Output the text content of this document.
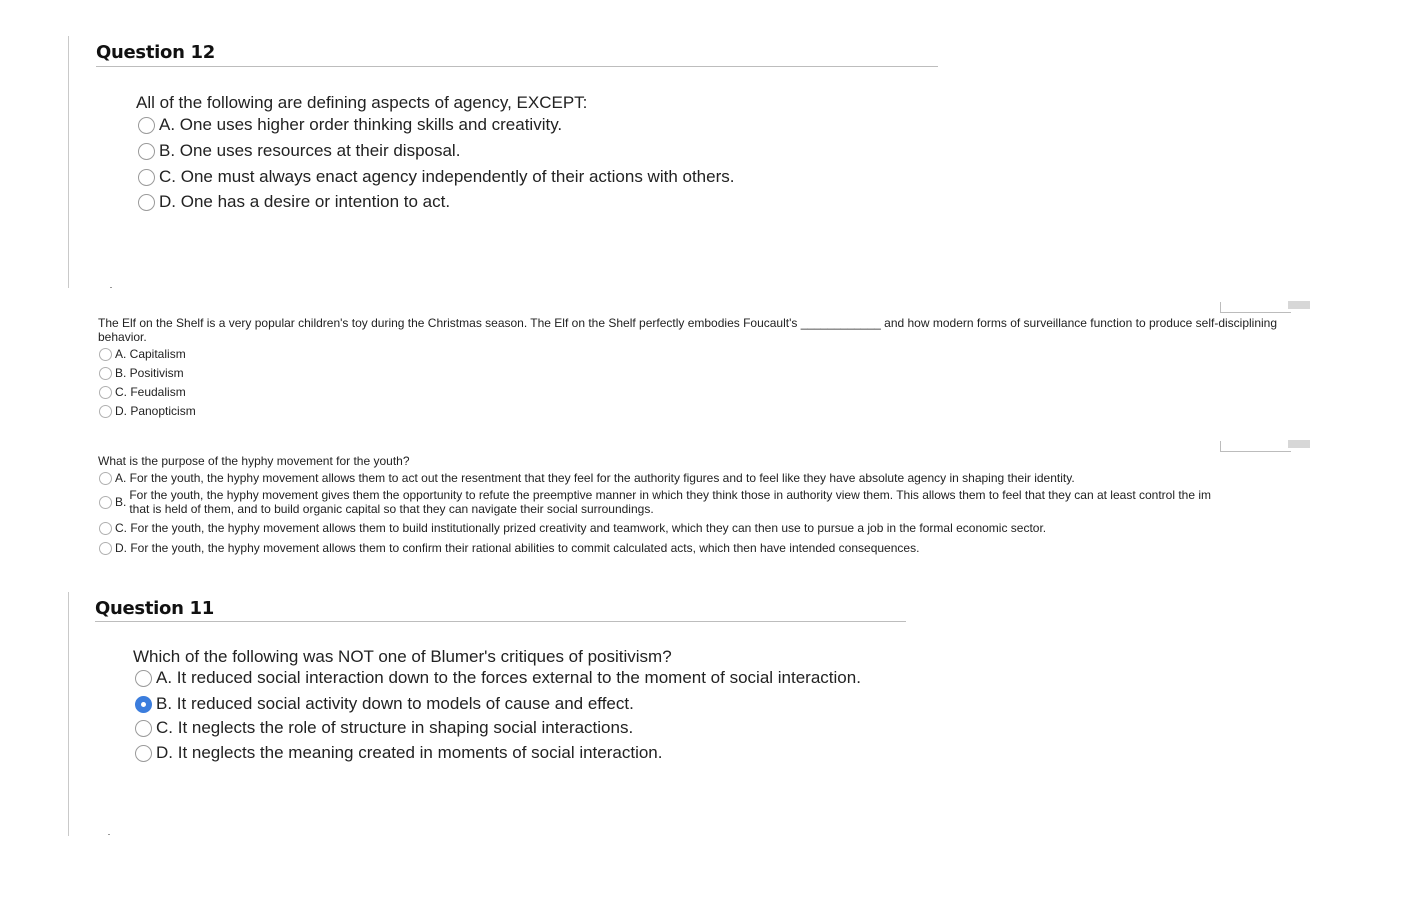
Question 12
All of the following are defining aspects of agency, EXCEPT:
A. One uses higher order thinking skills and creativity.
B. One uses resources at their disposal.
C. One must always enact agency independently of their actions with others.
D. One has a desire or intention to act.
The Elf on the Shelf is a very popular children's toy during the Christmas season. The Elf on the Shelf perfectly embodies Foucault's ____________ and how modern forms of surveillance function to produce self-disciplining behavior.
A. Capitalism
B. Positivism
C. Feudalism
D. Panopticism
What is the purpose of the hyphy movement for the youth?
A. For the youth, the hyphy movement allows them to act out the resentment that they feel for the authority figures and to feel like they have absolute agency in shaping their identity.
B. For the youth, the hyphy movement gives them the opportunity to refute the preemptive manner in which they think those in authority view them. This allows them to feel that they can at least control the im
that is held of them, and to build organic capital so that they can navigate their social surroundings.
C. For the youth, the hyphy movement allows them to build institutionally prized creativity and teamwork, which they can then use to pursue a job in the formal economic sector.
D. For the youth, the hyphy movement allows them to confirm their rational abilities to commit calculated acts, which then have intended consequences.
Question 11
Which of the following was NOT one of Blumer's critiques of positivism?
A. It reduced social interaction down to the forces external to the moment of social interaction.
B. It reduced social activity down to models of cause and effect.
C. It neglects the role of structure in shaping social interactions.
D. It neglects the meaning created in moments of social interaction.
